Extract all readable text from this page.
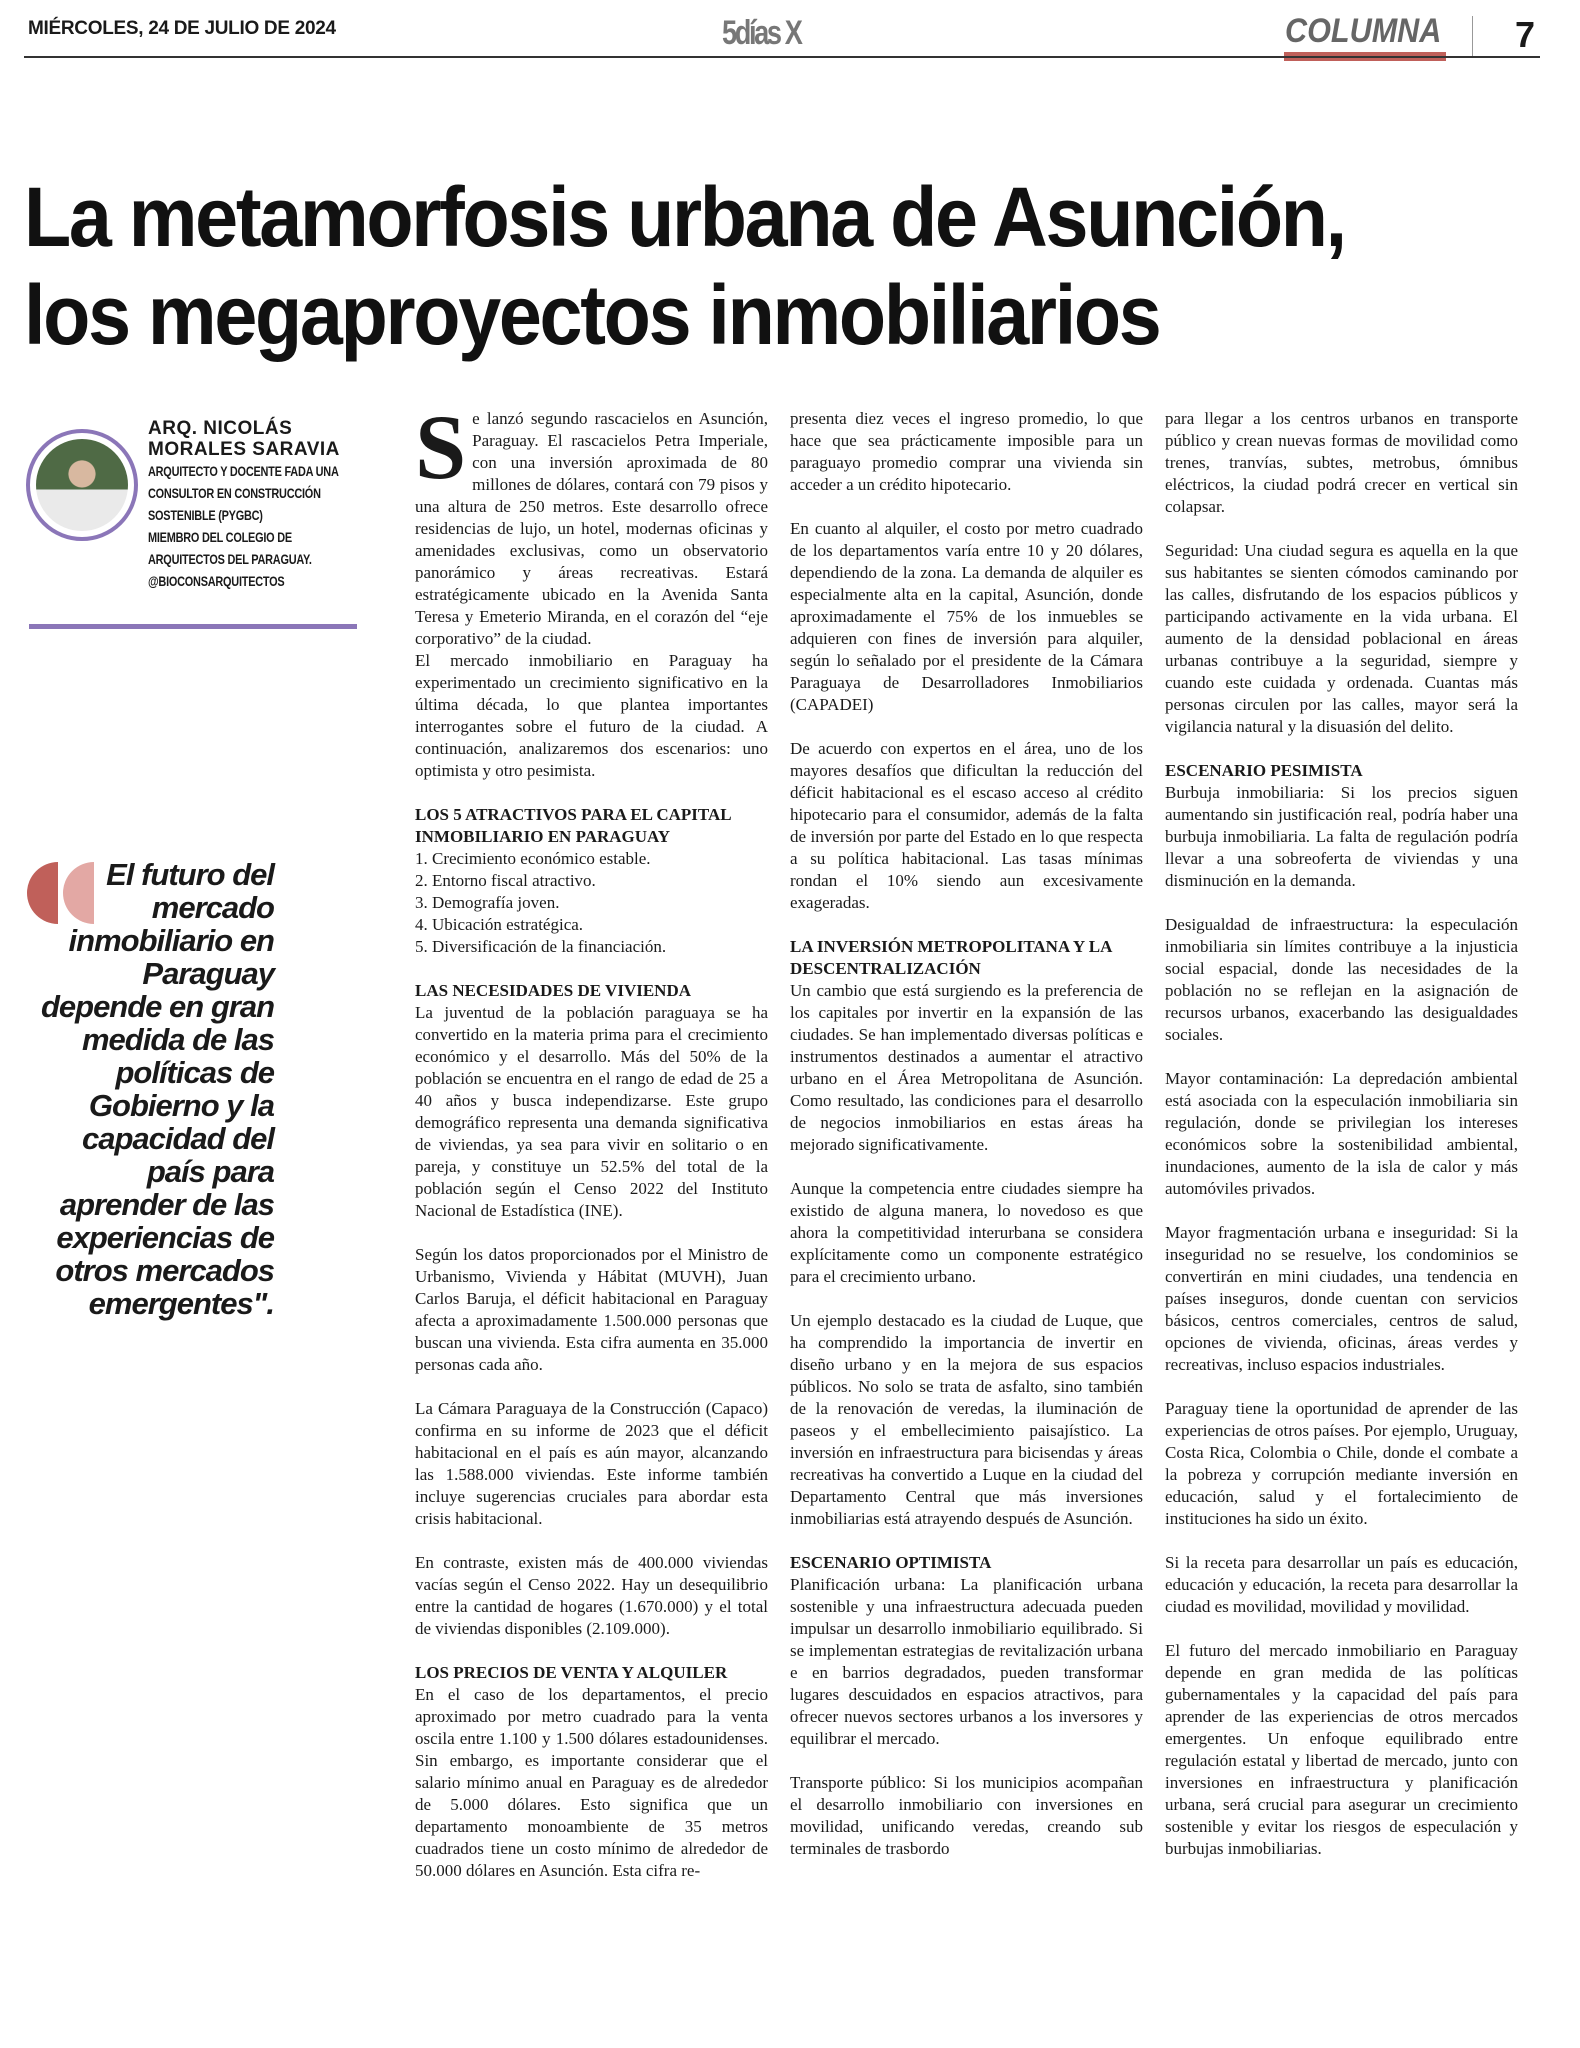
MIÉRCOLES, 24 DE JULIO DE 2024	5días X	COLUMNA 7
La metamorfosis urbana de Asunción,
los megaproyectos inmobiliarios
ARQ. NICOLÁS
MORALES SARAVIA
ARQUITECTO Y DOCENTE FADA UNA
CONSULTOR EN CONSTRUCCIÓN
SOSTENIBLE (PYGBC)
MIEMBRO DEL COLEGIO DE
ARQUITECTOS DEL PARAGUAY.
@BIOCONSARQUITECTOS
El futuro del mercado inmobiliario en Paraguay depende en gran medida de las políticas de Gobierno y la capacidad del país para aprender de las experiencias de otros mercados emergentes".

Se lanzó segundo rascacielos en Asunción, Paraguay. El rascacielos Petra Imperiale, con una inversión aproximada de 80 millones de dólares, contará con 79 pisos y una altura de 250 metros. Este desarrollo ofrece residencias de lujo, un hotel, modernas oficinas y amenidades exclusivas, como un observatorio panorámico y áreas recreativas. Estará estratégicamente ubicado en la Avenida Santa Teresa y Emeterio Miranda, en el corazón del “eje corporativo” de la ciudad.

El mercado inmobiliario en Paraguay ha experimentado un crecimiento significativo en la última década, lo que plantea importantes interrogantes sobre el futuro de la ciudad. A continuación, analizaremos dos escenarios: uno optimista y otro pesimista.

LOS 5 ATRACTIVOS PARA EL CAPITAL INMOBILIARIO EN PARAGUAY
1. Crecimiento económico estable.
2. Entorno fiscal atractivo.
3. Demografía joven.
4. Ubicación estratégica.
5. Diversificación de la financiación.
LAS NECESIDADES DE VIVIENDA

La juventud de la población paraguaya se ha convertido en la materia prima para el crecimiento económico y el desarrollo. Más del 50% de la población se encuentra en el rango de edad de 25 a 40 años y busca independizarse. Este grupo demográfico representa una demanda significativa de viviendas, ya sea para vivir en solitario o en pareja, y constituye un 52.5% del total de la población según el Censo 2022 del Instituto Nacional de Estadística (INE).

Según los datos proporcionados por el Ministro de Urbanismo, Vivienda y Hábitat (MUVH), Juan Carlos Baruja, el déficit habitacional en Paraguay afecta a aproximadamente 1.500.000 personas que buscan una vivienda. Esta cifra aumenta en 35.000 personas cada año.

La Cámara Paraguaya de la Construcción (Capaco) confirma en su informe de 2023 que el déficit habitacional en el país es aún mayor, alcanzando las 1.588.000 viviendas. Este informe también incluye sugerencias cruciales para abordar esta crisis habitacional.

En contraste, existen más de 400.000 viviendas vacías según el Censo 2022. Hay un desequilibrio entre la cantidad de hogares (1.670.000) y el total de viviendas disponibles (2.109.000).

LOS PRECIOS DE VENTA Y ALQUILER

En el caso de los departamentos, el precio aproximado por metro cuadrado para la venta oscila entre 1.100 y 1.500 dólares estadounidenses. Sin embargo, es importante considerar que el salario mínimo anual en Paraguay es de alrededor de 5.000 dólares. Esto significa que un departamento monoambiente de 35 metros cuadrados tiene un costo mínimo de alrededor de 50.000 dólares en Asunción. Esta cifra re-

presenta diez veces el ingreso promedio, lo que hace que sea prácticamente imposible para un paraguayo promedio comprar una vivienda sin acceder a un crédito hipotecario.

En cuanto al alquiler, el costo por metro cuadrado de los departamentos varía entre 10 y 20 dólares, dependiendo de la zona. La demanda de alquiler es especialmente alta en la capital, Asunción, donde aproximadamente el 75% de los inmuebles se adquieren con fines de inversión para alquiler, según lo señalado por el presidente de la Cámara Paraguaya de Desarrolladores Inmobiliarios (CAPADEI)

De acuerdo con expertos en el área, uno de los mayores desafíos que dificultan la reducción del déficit habitacional es el escaso acceso al crédito hipotecario para el consumidor, además de la falta de inversión por parte del Estado en lo que respecta a su política habitacional. Las tasas mínimas rondan el 10% siendo aun excesivamente exageradas.

LA INVERSIÓN METROPOLITANA Y LA DESCENTRALIZACIÓN

Un cambio que está surgiendo es la preferencia de los capitales por invertir en la expansión de las ciudades. Se han implementado diversas políticas e instrumentos destinados a aumentar el atractivo urbano en el Área Metropolitana de Asunción. Como resultado, las condiciones para el desarrollo de negocios inmobiliarios en estas áreas ha mejorado significativamente.

Aunque la competencia entre ciudades siempre ha existido de alguna manera, lo novedoso es que ahora la competitividad interurbana se considera explícitamente como un componente estratégico para el crecimiento urbano.

Un ejemplo destacado es la ciudad de Luque, que ha comprendido la importancia de invertir en diseño urbano y en la mejora de sus espacios públicos. No solo se trata de asfalto, sino también de la renovación de veredas, la iluminación de paseos y el embellecimiento paisajístico. La inversión en infraestructura para bicisendas y áreas recreativas ha convertido a Luque en la ciudad del Departamento Central que más inversiones inmobiliarias está atrayendo después de Asunción.

ESCENARIO OPTIMISTA

Planificación urbana: La planificación urbana sostenible y una infraestructura adecuada pueden impulsar un desarrollo inmobiliario equilibrado. Si se implementan estrategias de revitalización urbana e en barrios degradados, pueden transformar lugares descuidados en espacios atractivos, para ofrecer nuevos sectores urbanos a los inversores y equilibrar el mercado.

Transporte público: Si los municipios acompañan el desarrollo inmobiliario con inversiones en movilidad, unificando veredas, creando sub terminales de trasbordo

para llegar a los centros urbanos en transporte público y crean nuevas formas de movilidad como trenes, tranvías, subtes, metrobus, ómnibus eléctricos, la ciudad podrá crecer en vertical sin colapsar.

Seguridad: Una ciudad segura es aquella en la que sus habitantes se sienten cómodos caminando por las calles, disfrutando de los espacios públicos y participando activamente en la vida urbana. El aumento de la densidad poblacional en áreas urbanas contribuye a la seguridad, siempre y cuando este cuidada y ordenada. Cuantas más personas circulen por las calles, mayor será la vigilancia natural y la disuasión del delito.

ESCENARIO PESIMISTA

Burbuja inmobiliaria: Si los precios siguen aumentando sin justificación real, podría haber una burbuja inmobiliaria. La falta de regulación podría llevar a una sobreoferta de viviendas y una disminución en la demanda.

Desigualdad de infraestructura: la especulación inmobiliaria sin límites contribuye a la injusticia social espacial, donde las necesidades de la población no se reflejan en la asignación de recursos urbanos, exacerbando las desigualdades sociales.

Mayor contaminación: La depredación ambiental está asociada con la especulación inmobiliaria sin regulación, donde se privilegian los intereses económicos sobre la sostenibilidad ambiental, inundaciones, aumento de la isla de calor y más automóviles privados.

Mayor fragmentación urbana e inseguridad: Si la inseguridad no se resuelve, los condominios se convertirán en mini ciudades, una tendencia en países inseguros, donde cuentan con servicios básicos, centros comerciales, centros de salud, opciones de vivienda, oficinas, áreas verdes y recreativas, incluso espacios industriales.

Paraguay tiene la oportunidad de aprender de las experiencias de otros países. Por ejemplo, Uruguay, Costa Rica, Colombia o Chile, donde el combate a la pobreza y corrupción mediante inversión en educación, salud y el fortalecimiento de instituciones ha sido un éxito.

Si la receta para desarrollar un país es educación, educación y educación, la receta para desarrollar la ciudad es movilidad, movilidad y movilidad.

El futuro del mercado inmobiliario en Paraguay depende en gran medida de las políticas gubernamentales y la capacidad del país para aprender de las experiencias de otros mercados emergentes. Un enfoque equilibrado entre regulación estatal y libertad de mercado, junto con inversiones en infraestructura y planificación urbana, será crucial para asegurar un crecimiento sostenible y evitar los riesgos de especulación y burbujas inmobiliarias.
